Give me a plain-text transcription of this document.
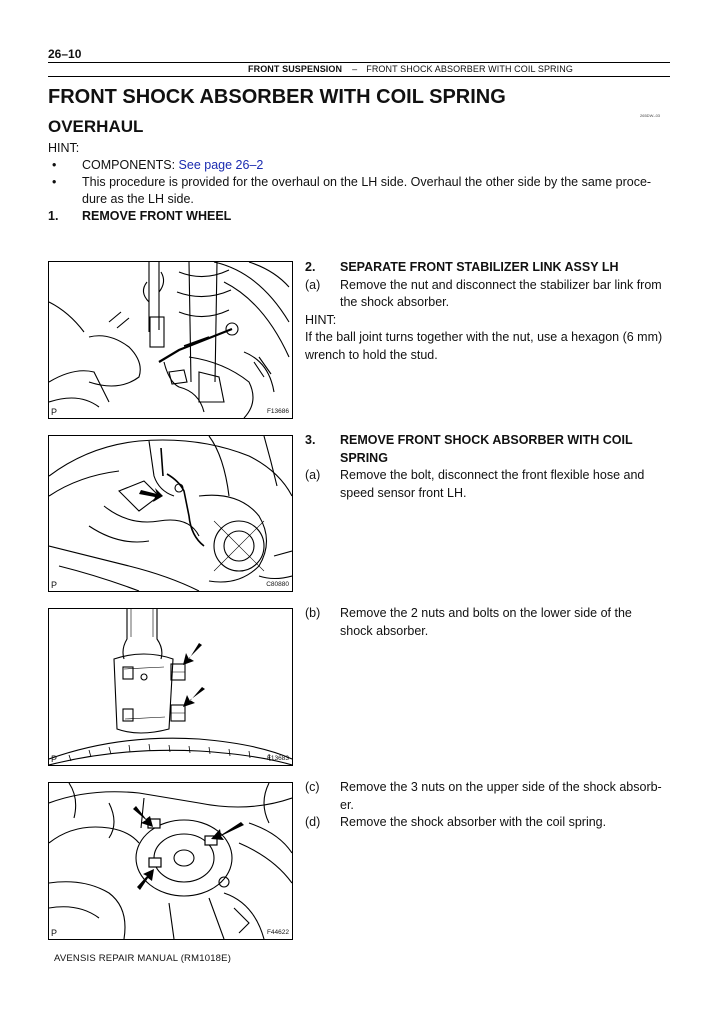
26–10
FRONT SUSPENSION – FRONT SHOCK ABSORBER WITH COIL SPRING
FRONT SHOCK ABSORBER WITH COIL SPRING
OVERHAUL
265DW–03
HINT:
• COMPONENTS: See page 26–2
• This procedure is provided for the overhaul on the LH side. Overhaul the other side by the same proce-
dure as the LH side.
1. REMOVE FRONT WHEEL
P	F13686
2. SEPARATE FRONT STABILIZER LINK ASSY LH
(a) Remove the nut and disconnect the stabilizer bar link from
the shock absorber.
HINT:
If the ball joint turns together with the nut, use a hexagon (6 mm)
wrench to hold the stud.
P	C80880
3. REMOVE FRONT SHOCK ABSORBER WITH COIL
SPRING
(a) Remove the bolt, disconnect the front flexible hose and
speed sensor front LH.
P	F13683
(b) Remove the 2 nuts and bolts on the lower side of the
shock absorber.
P	F44622
(c) Remove the 3 nuts on the upper side of the shock absorb-
er.
(d) Remove the shock absorber with the coil spring.
AVENSIS REPAIR MANUAL (RM1018E)
